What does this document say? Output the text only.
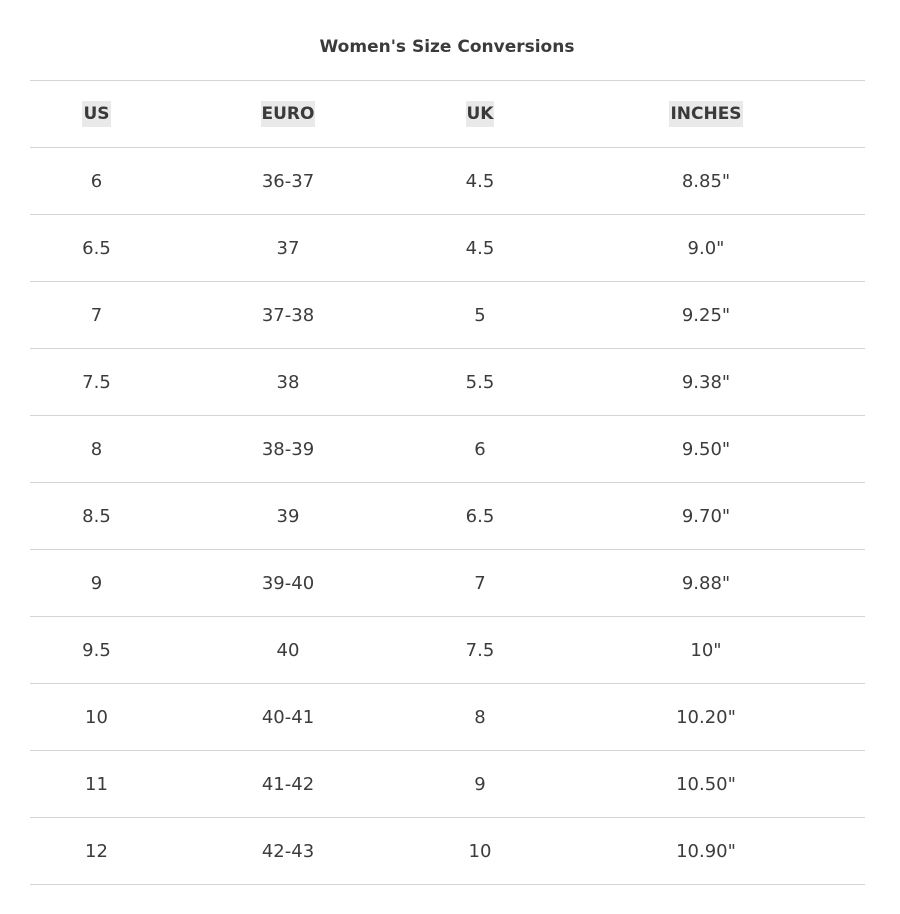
Women's Size Conversions
US	EURO	UK	INCHES
6	36-37	4.5	8.85"
6.5	37	4.5	9.0"
7	37-38	5	9.25"
7.5	38	5.5	9.38"
8	38-39	6	9.50"
8.5	39	6.5	9.70"
9	39-40	7	9.88"
9.5	40	7.5	10"
10	40-41	8	10.20"
11	41-42	9	10.50"
12	42-43	10	10.90"
